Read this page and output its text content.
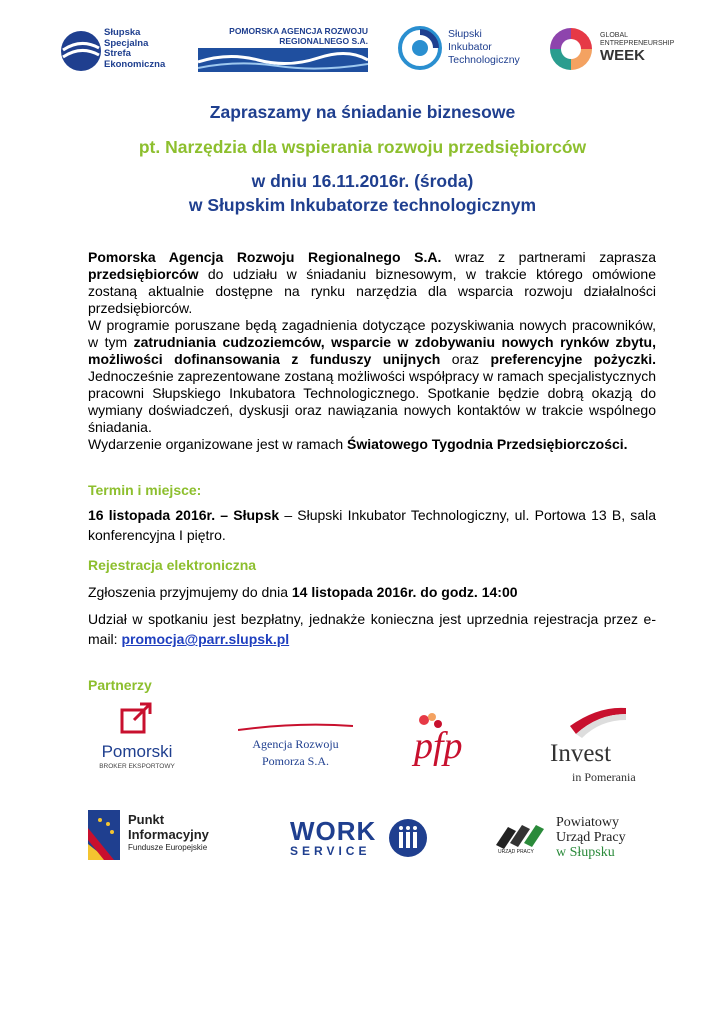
Słupska
Specjalna
Strefa
Ekonomiczna
POMORSKA AGENCJA ROZWOJU
REGIONALNEGO S.A.
Słupski
Inkubator
Technologiczny
GLOBAL
ENTREPRENEURSHIP
WEEK
Zapraszamy na śniadanie biznesowe
pt. Narzędzia dla wspierania rozwoju przedsiębiorców
w dniu 16.11.2016r. (środa)
w Słupskim Inkubatorze technologicznym
Pomorska Agencja Rozwoju Regionalnego S.A. wraz z partnerami zaprasza przedsiębiorców do udziału w śniadaniu biznesowym, w trakcie którego omówione zostaną aktualnie dostępne na rynku narzędzia dla wsparcia rozwoju działalności przedsiębiorców.
W programie poruszane będą zagadnienia dotyczące pozyskiwania nowych pracowników, w tym zatrudniania cudzoziemców, wsparcie w zdobywaniu nowych rynków zbytu, możliwości dofinansowania z funduszy unijnych oraz preferencyjne pożyczki. Jednocześnie zaprezentowane zostaną możliwości współpracy w ramach specjalistycznych pracowni Słupskiego Inkubatora Technologicznego. Spotkanie będzie dobrą okazją do wymiany doświadczeń, dyskusji oraz nawiązania nowych kontaktów w trakcie wspólnego śniadania.
Wydarzenie organizowane jest w ramach Światowego Tygodnia Przedsiębiorczości.
Termin i miejsce:
16 listopada 2016r. – Słupsk – Słupski Inkubator Technologiczny, ul. Portowa 13 B, sala konferencyjna I piętro.
Rejestracja elektroniczna
Zgłoszenia przyjmujemy do dnia 14 listopada 2016r. do godz. 14:00
Udział w spotkaniu jest bezpłatny, jednakże konieczna jest uprzednia rejestracja przez e-mail: promocja@parr.slupsk.pl
Partnerzy
Pomorski
BROKER EKSPORTOWY
Agencja Rozwoju
Pomorza S.A.	pfp	Invest
in Pomerania
Punkt
Informacyjny
Fundusze Europejskie
WORK
SERVICE	URZĄD PRACY
Powiatowy
Urząd Pracy
w Słupsku
